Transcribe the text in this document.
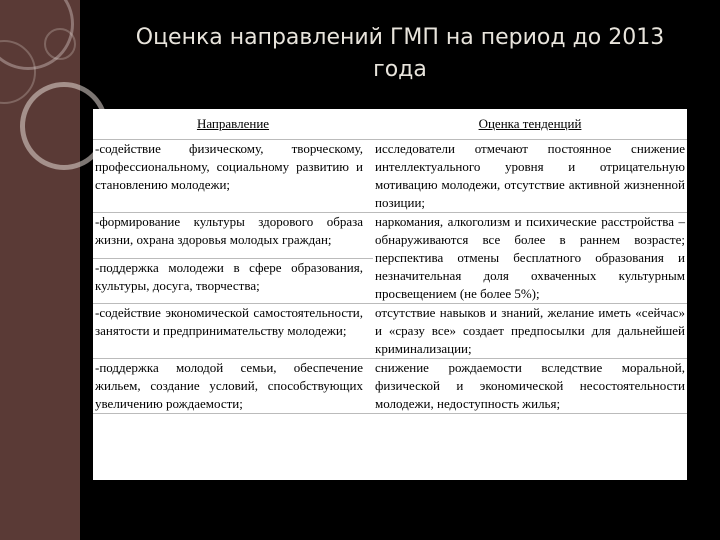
Оценка направлений ГМП на период до 2013
года
Направление	Оценка тенденций
-содействие физическому, творческому, профессиональному, социальному развитию и становлению молодежи;	исследователи отмечают постоянное снижение интеллектуального уровня и отрицательную мотивацию молодежи, отсутствие активной жизненной позиции;
-формирование культуры здорового образа жизни, охрана здоровья молодых граждан;	наркомания, алкоголизм и психические расстройства – обнаруживаются все более в раннем возрасте; перспектива отмены бесплатного образования и незначительная доля охваченных культурным просвещением (не более 5%);
-поддержка молодежи в сфере образования, культуры, досуга, творчества;	
-содействие экономической самостоятельности, занятости и предпринимательству молодежи;	отсутствие навыков и знаний, желание иметь «сейчас» и «сразу все» создает предпосылки для дальнейшей криминализации;
-поддержка молодой семьи, обеспечение жильем, создание условий, способствующих увеличению рождаемости;	снижение рождаемости вследствие моральной, физической и экономической несостоятельности молодежи, недоступность жилья;
